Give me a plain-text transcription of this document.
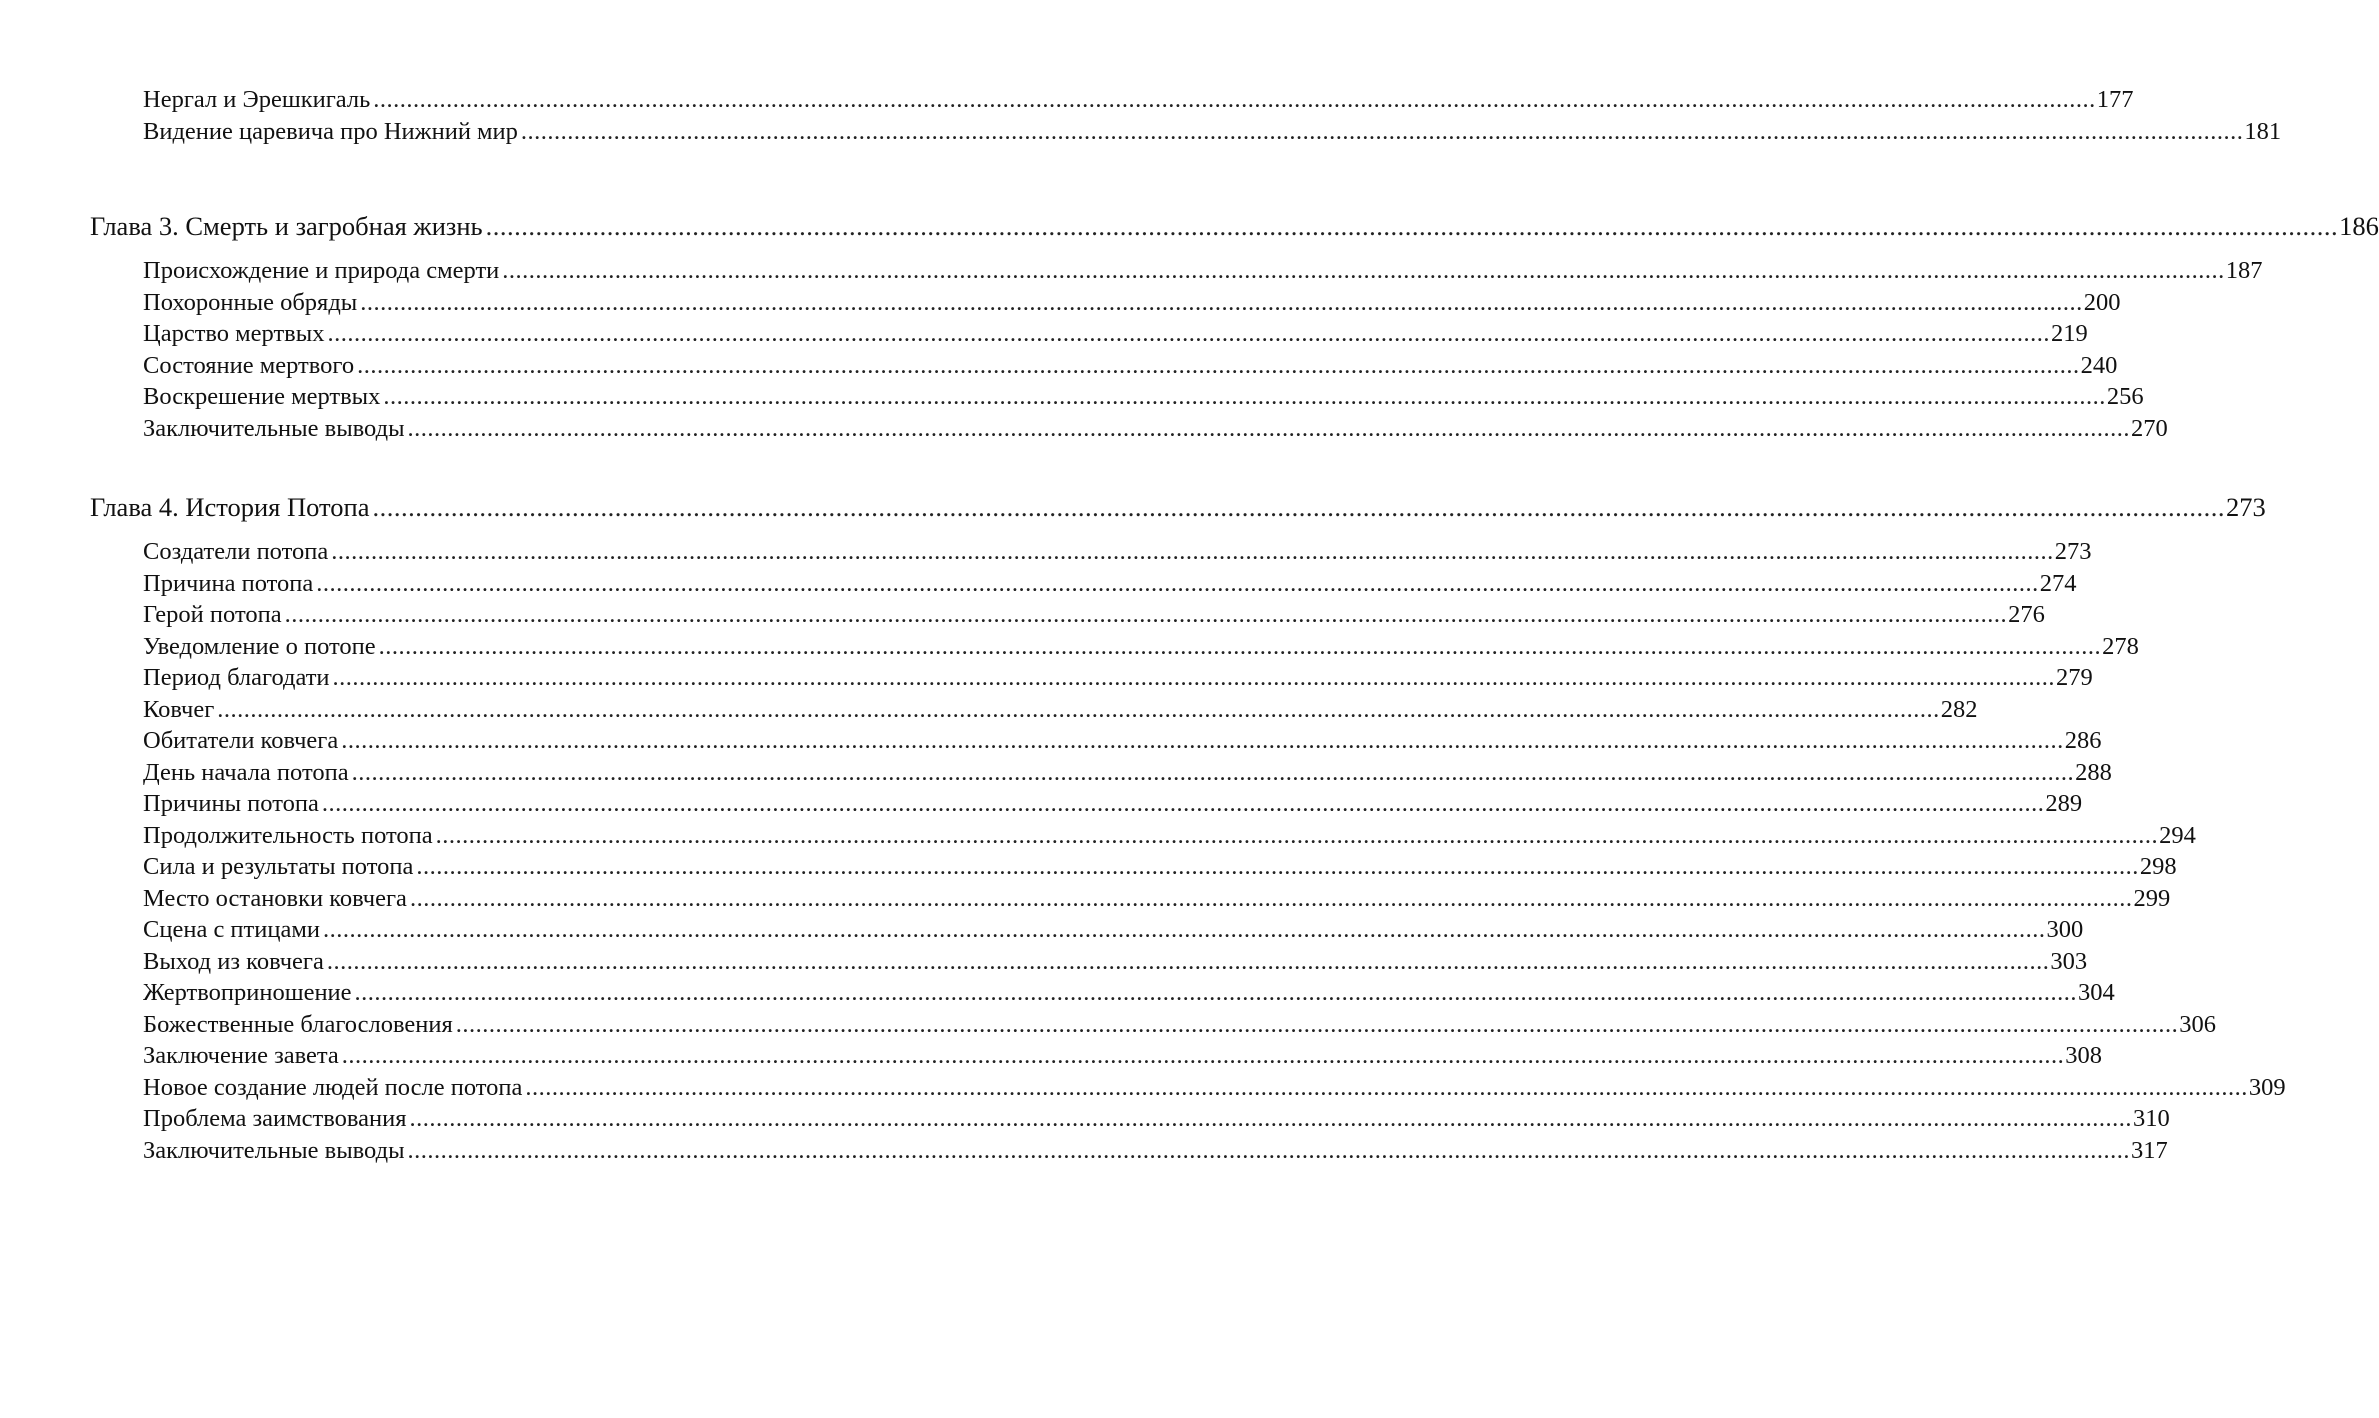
Нергал и Эрешкигаль .................................................................................................................................................................................................................................................................... 177
Видение царевича про Нижний мир .................................................................................................................................................................................................................................................................... 181
Глава 3. Смерть и загробная жизнь .................................................................................................................................................................................................................................................................... 186
Происхождение и природа смерти .................................................................................................................................................................................................................................................................... 187
Похоронные обряды .................................................................................................................................................................................................................................................................... 200
Царство мертвых .................................................................................................................................................................................................................................................................... 219
Состояние мертвого .................................................................................................................................................................................................................................................................... 240
Воскрешение мертвых .................................................................................................................................................................................................................................................................... 256
Заключительные выводы .................................................................................................................................................................................................................................................................... 270
Глава 4. История Потопа .................................................................................................................................................................................................................................................................... 273
Создатели потопа .................................................................................................................................................................................................................................................................... 273
Причина потопа .................................................................................................................................................................................................................................................................... 274
Герой потопа .................................................................................................................................................................................................................................................................... 276
Уведомление о потопе .................................................................................................................................................................................................................................................................... 278
Период благодати .................................................................................................................................................................................................................................................................... 279
Ковчег .................................................................................................................................................................................................................................................................... 282
Обитатели ковчега .................................................................................................................................................................................................................................................................... 286
День начала потопа .................................................................................................................................................................................................................................................................... 288
Причины потопа .................................................................................................................................................................................................................................................................... 289
Продолжительность потопа .................................................................................................................................................................................................................................................................... 294
Сила и результаты потопа .................................................................................................................................................................................................................................................................... 298
Место остановки ковчега .................................................................................................................................................................................................................................................................... 299
Сцена с птицами .................................................................................................................................................................................................................................................................... 300
Выход из ковчега .................................................................................................................................................................................................................................................................... 303
Жертвоприношение .................................................................................................................................................................................................................................................................... 304
Божественные благословения .................................................................................................................................................................................................................................................................... 306
Заключение завета .................................................................................................................................................................................................................................................................... 308
Новое создание людей после потопа .................................................................................................................................................................................................................................................................... 309
Проблема заимствования .................................................................................................................................................................................................................................................................... 310
Заключительные выводы .................................................................................................................................................................................................................................................................... 317
